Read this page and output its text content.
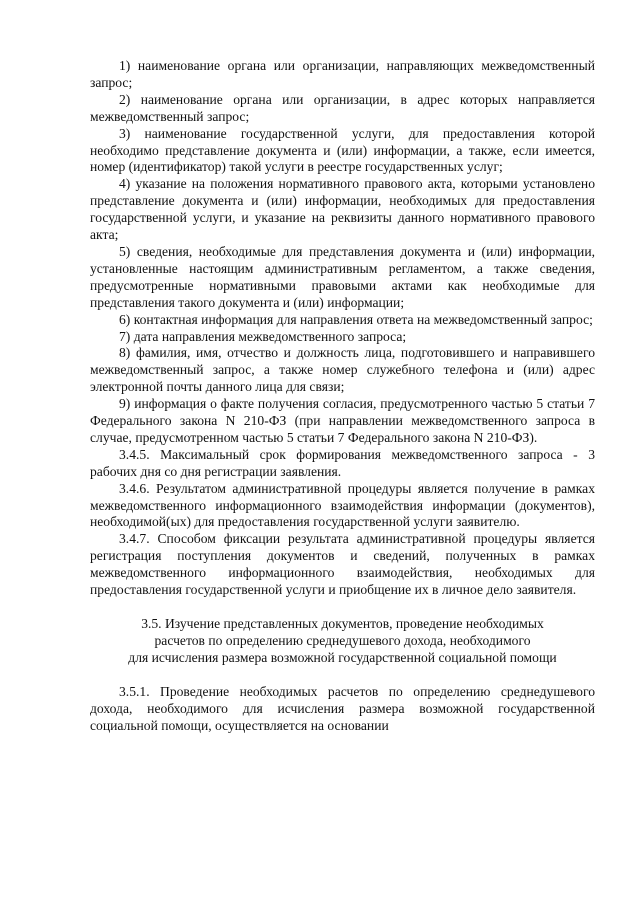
1) наименование органа или организации, направляющих межведомственный запрос;

2) наименование органа или организации, в адрес которых направляется межведомственный запрос;

3) наименование государственной услуги, для предоставления которой необходимо представление документа и (или) информации, а также, если имеется, номер (идентификатор) такой услуги в реестре государственных услуг;

4) указание на положения нормативного правового акта, которыми установлено представление документа и (или) информации, необходимых для предоставления государственной услуги, и указание на реквизиты данного нормативного правового акта;

5) сведения, необходимые для представления документа и (или) информации, установленные настоящим административным регламентом, а также сведения, предусмотренные нормативными правовыми актами как необходимые для представления такого документа и (или) информации;

6) контактная информация для направления ответа на межведомственный запрос;

7) дата направления межведомственного запроса;

8) фамилия, имя, отчество и должность лица, подготовившего и направившего межведомственный запрос, а также номер служебного телефона и (или) адрес электронной почты данного лица для связи;

9) информация о факте получения согласия, предусмотренного частью 5 статьи 7 Федерального закона N 210-ФЗ (при направлении межведомственного запроса в случае, предусмотренном частью 5 статьи 7 Федерального закона N 210-ФЗ).

3.4.5. Максимальный срок формирования межведомственного запроса - 3 рабочих дня со дня регистрации заявления.

3.4.6. Результатом административной процедуры является получение в рамках межведомственного информационного взаимодействия информации (документов), необходимой(ых) для предоставления государственной услуги заявителю.

3.4.7. Способом фиксации результата административной процедуры является регистрация поступления документов и сведений, полученных в рамках межведомственного информационного взаимодействия, необходимых для предоставления государственной услуги и приобщение их в личное дело заявителя.

3.5. Изучение представленных документов, проведение необходимых
расчетов по определению среднедушевого дохода, необходимого
для исчисления размера возможной государственной социальной помощи

3.5.1. Проведение необходимых расчетов по определению среднедушевого дохода, необходимого для исчисления размера возможной государственной социальной помощи, осуществляется на основании
